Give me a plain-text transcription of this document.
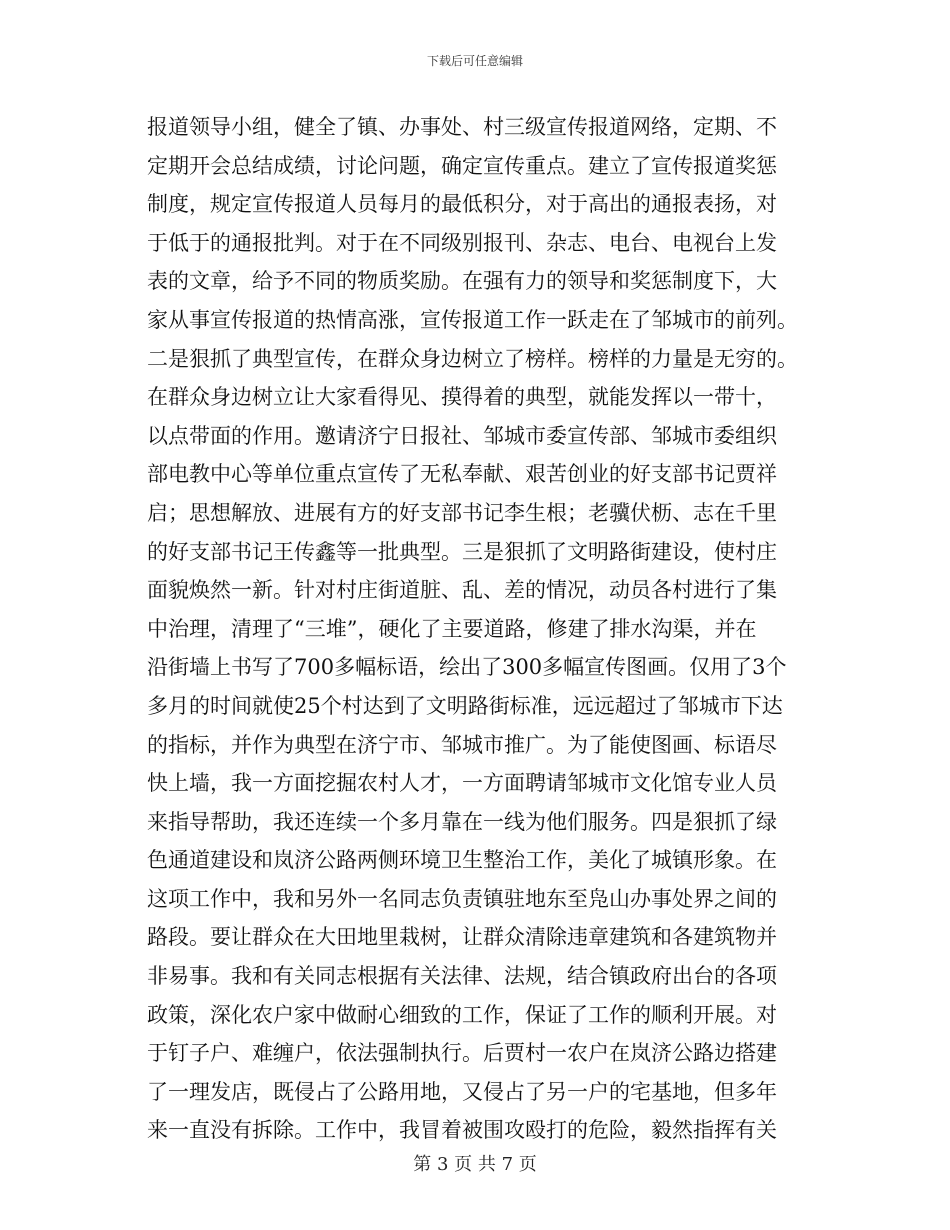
下载后可任意编辑
报道领导小组，健全了镇、办事处、村三级宣传报道网络，定期、不
定期开会总结成绩，讨论问题，确定宣传重点。建立了宣传报道奖惩
制度，规定宣传报道人员每月的最低积分，对于高出的通报表扬，对
于低于的通报批判。对于在不同级别报刊、杂志、电台、电视台上发
表的文章，给予不同的物质奖励。在强有力的领导和奖惩制度下，大
家从事宣传报道的热情高涨，宣传报道工作一跃走在了邹城市的前列。
二是狠抓了典型宣传，在群众身边树立了榜样。榜样的力量是无穷的。
在群众身边树立让大家看得见、摸得着的典型，就能发挥以一带十，
以点带面的作用。邀请济宁日报社、邹城市委宣传部、邹城市委组织
部电教中心等单位重点宣传了无私奉献、艰苦创业的好支部书记贾祥
启；思想解放、进展有方的好支部书记李生根；老骥伏枥、志在千里
的好支部书记王传鑫等一批典型。三是狠抓了文明路街建设，使村庄
面貌焕然一新。针对村庄街道脏、乱、差的情况，动员各村进行了集
中治理，清理了“三堆”，硬化了主要道路，修建了排水沟渠，并在
沿街墙上书写了700多幅标语，绘出了300多幅宣传图画。仅用了3个
多月的时间就使25个村达到了文明路街标准，远远超过了邹城市下达
的指标，并作为典型在济宁市、邹城市推广。为了能使图画、标语尽
快上墙，我一方面挖掘农村人才，一方面聘请邹城市文化馆专业人员
来指导帮助，我还连续一个多月靠在一线为他们服务。四是狠抓了绿
色通道建设和岚济公路两侧环境卫生整治工作，美化了城镇形象。在
这项工作中，我和另外一名同志负责镇驻地东至凫山办事处界之间的
路段。要让群众在大田地里栽树，让群众清除违章建筑和各建筑物并
非易事。我和有关同志根据有关法律、法规，结合镇政府出台的各项
政策，深化农户家中做耐心细致的工作，保证了工作的顺利开展。对
于钉子户、难缠户，依法强制执行。后贾村一农户在岚济公路边搭建
了一理发店，既侵占了公路用地，又侵占了另一户的宅基地，但多年
来一直没有拆除。工作中，我冒着被围攻殴打的危险，毅然指挥有关
第 3 页 共 7 页
